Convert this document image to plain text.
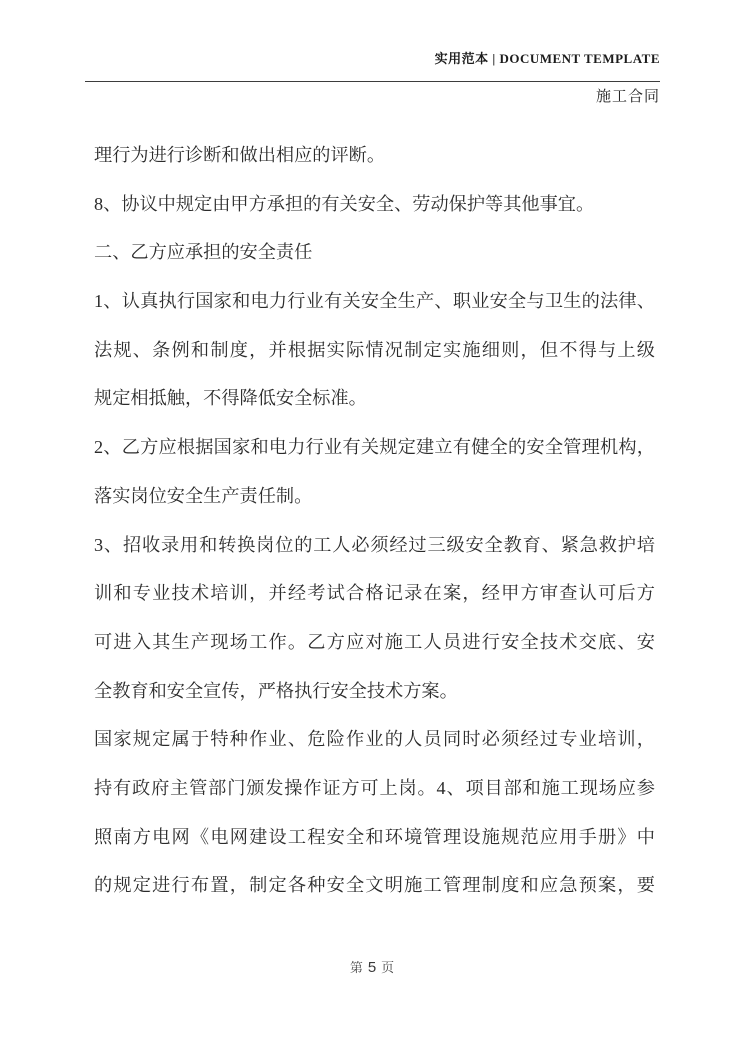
实用范本 | DOCUMENT TEMPLATE
施工合同
理行为进行诊断和做出相应的评断。
8、协议中规定由甲方承担的有关安全、劳动保护等其他事宜。
二、乙方应承担的安全责任
1、认真执行国家和电力行业有关安全生产、职业安全与卫生的法律、
法规、条例和制度，并根据实际情况制定实施细则，但不得与上级
规定相抵触，不得降低安全标准。
2、乙方应根据国家和电力行业有关规定建立有健全的安全管理机构，
落实岗位安全生产责任制。
3、招收录用和转换岗位的工人必须经过三级安全教育、紧急救护培
训和专业技术培训，并经考试合格记录在案，经甲方审查认可后方
可进入其生产现场工作。乙方应对施工人员进行安全技术交底、安
全教育和安全宣传，严格执行安全技术方案。
国家规定属于特种作业、危险作业的人员同时必须经过专业培训，
持有政府主管部门颁发操作证方可上岗。4、项目部和施工现场应参
照南方电网《电网建设工程安全和环境管理设施规范应用手册》中
的规定进行布置，制定各种安全文明施工管理制度和应急预案，要
第 5 页
